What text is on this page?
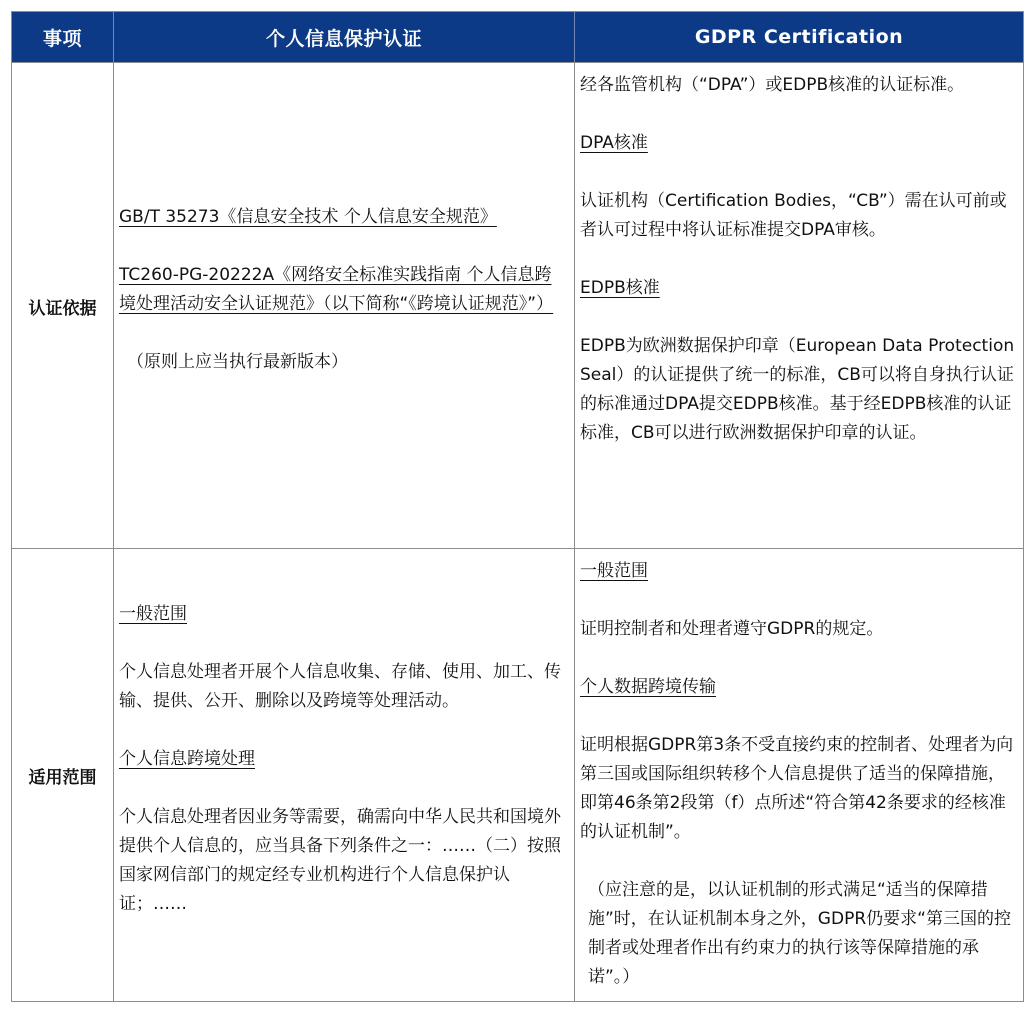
事项	个人信息保护认证	GDPR Certification
认证依据

GB/T 35273《信息安全技术 个人信息安全规范》

TC260-PG-20222A《网络安全标准实践指南 个人信息跨境处理活动安全认证规范》（以下简称“《跨境认证规范》”）

（原则上应当执行最新版本）

经各监管机构（“DPA”）或EDPB核准的认证标准。

DPA核准

认证机构（Certification Bodies，“CB”）需在认可前或者认可过程中将认证标准提交DPA审核。

EDPB核准

EDPB为欧洲数据保护印章（European Data Protection Seal）的认证提供了统一的标准，CB可以将自身执行认证的标准通过DPA提交EDPB核准。基于经EDPB核准的认证标准，CB可以进行欧洲数据保护印章的认证。

适用范围

一般范围

个人信息处理者开展个人信息收集、存储、使用、加工、传输、提供、公开、删除以及跨境等处理活动。

个人信息跨境处理

个人信息处理者因业务等需要，确需向中华人民共和国境外提供个人信息的，应当具备下列条件之一：……（二）按照国家网信部门的规定经专业机构进行个人信息保护认证；……

一般范围

证明控制者和处理者遵守GDPR的规定。

个人数据跨境传输

证明根据GDPR第3条不受直接约束的控制者、处理者为向第三国或国际组织转移个人信息提供了适当的保障措施，即第46条第2段第（f）点所述“符合第42条要求的经核准的认证机制”。

（应注意的是，以认证机制的形式满足“适当的保障措施”时，在认证机制本身之外，GDPR仍要求“第三国的控制者或处理者作出有约束力的执行该等保障措施的承诺”。）
